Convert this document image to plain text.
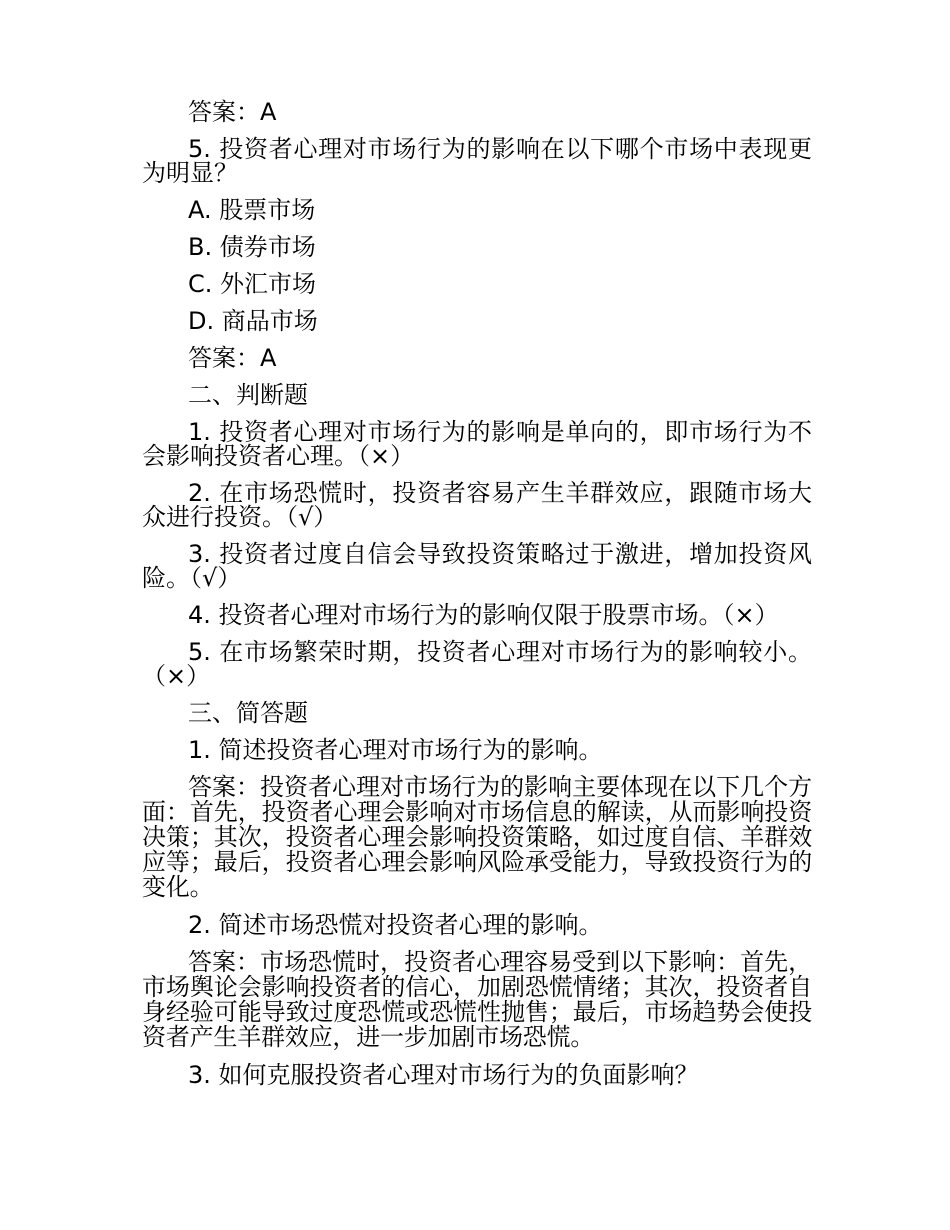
答案：A

5. 投资者心理对市场行为的影响在以下哪个市场中表现更为明显？

A. 股票市场

B. 债券市场

C. 外汇市场

D. 商品市场

答案：A

二、判断题

1. 投资者心理对市场行为的影响是单向的，即市场行为不会影响投资者心理。（×）

2. 在市场恐慌时，投资者容易产生羊群效应，跟随市场大众进行投资。（√）

3. 投资者过度自信会导致投资策略过于激进，增加投资风险。（√）

4. 投资者心理对市场行为的影响仅限于股票市场。（×）

5. 在市场繁荣时期，投资者心理对市场行为的影响较小。（×）

三、简答题

1. 简述投资者心理对市场行为的影响。

答案：投资者心理对市场行为的影响主要体现在以下几个方面：首先，投资者心理会影响对市场信息的解读，从而影响投资决策；其次，投资者心理会影响投资策略，如过度自信、羊群效应等；最后，投资者心理会影响风险承受能力，导致投资行为的变化。

2. 简述市场恐慌对投资者心理的影响。

答案：市场恐慌时，投资者心理容易受到以下影响：首先，市场舆论会影响投资者的信心，加剧恐慌情绪；其次，投资者自身经验可能导致过度恐慌或恐慌性抛售；最后，市场趋势会使投资者产生羊群效应，进一步加剧市场恐慌。

3. 如何克服投资者心理对市场行为的负面影响？
